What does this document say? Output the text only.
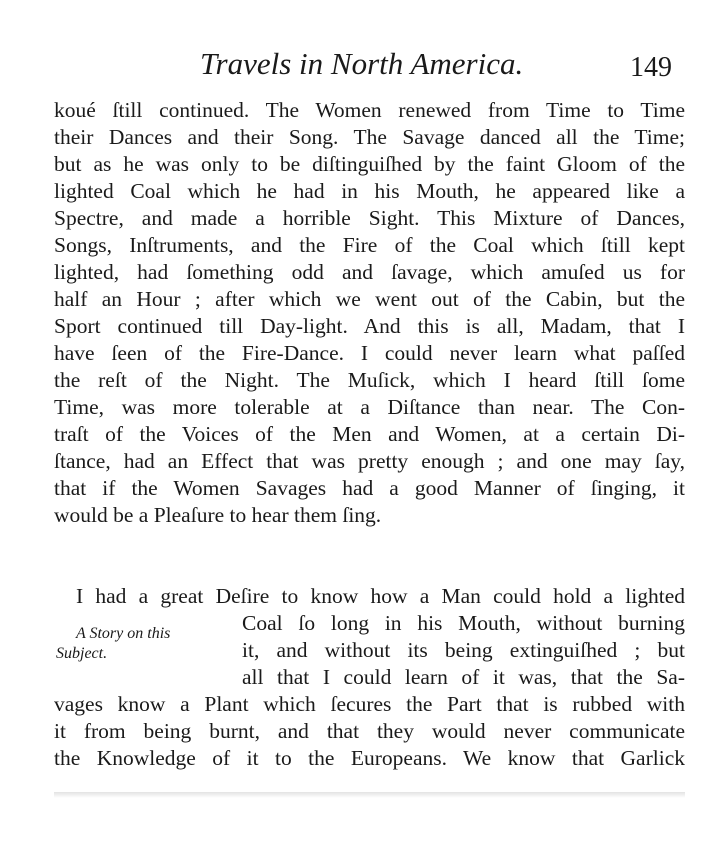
Travels in North America.	149
koué ſtill continued. The Women renewed from Time to Time
their Dances and their Song. The Savage danced all the Time;
but as he was only to be diſtinguiſhed by the faint Gloom of the
lighted Coal which he had in his Mouth, he appeared like a
Spectre, and made a horrible Sight. This Mixture of Dances,
Songs, Inſtruments, and the Fire of the Coal which ſtill kept
lighted, had ſomething odd and ſavage, which amuſed us for
half an Hour ; after which we went out of the Cabin, but the
Sport continued till Day-light. And this is all, Madam, that I
have ſeen of the Fire-Dance. I could never learn what paſſed
the reſt of the Night. The Muſick, which I heard ſtill ſome
Time, was more tolerable at a Diſtance than near. The Con-
traſt of the Voices of the Men and Women, at a certain Di-
ſtance, had an Effect that was pretty enough ; and one may ſay,
that if the Women Savages had a good Manner of ſinging, it
would be a Pleaſure to hear them ſing.
I had a great Deſire to know how a Man could hold a lighted
Coal ſo long in his Mouth, without burning
it, and without its being extinguiſhed ; but
all that I could learn of it was, that the Sa-
vages know a Plant which ſecures the Part that is rubbed with
it from being burnt, and that they would never communicate
the Knowledge of it to the Europeans. We know that Garlick
A Story on this
Subject.
